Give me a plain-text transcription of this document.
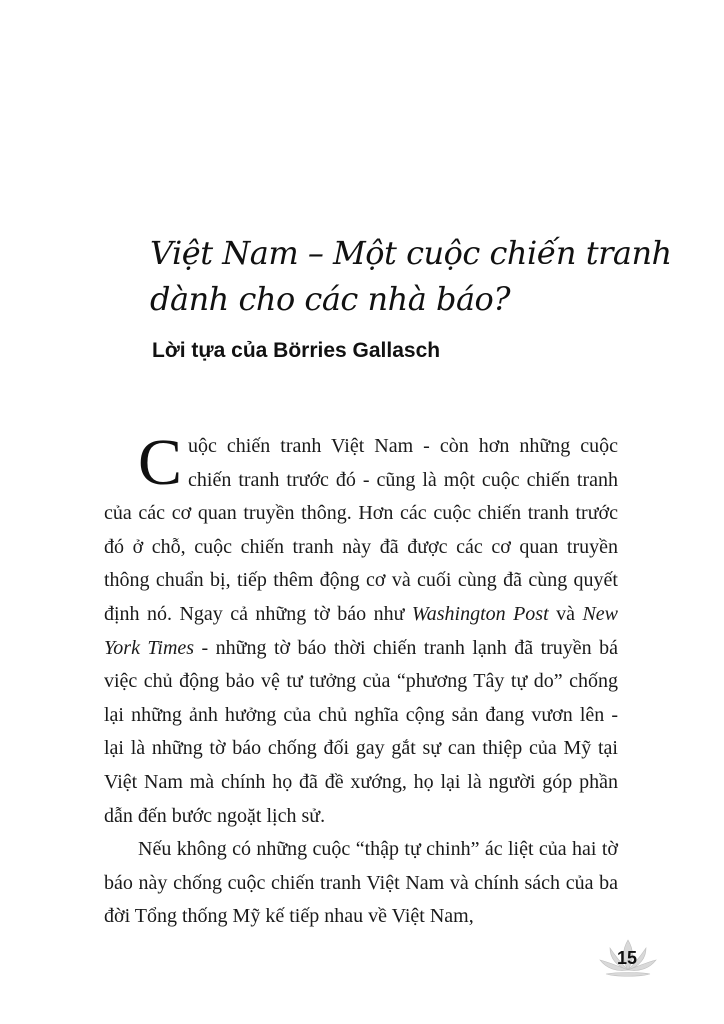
Việt Nam – Một cuộc chiến tranh
dành cho các nhà báo?
Lời tựa của Börries Gallasch

Cuộc chiến tranh Việt Nam - còn hơn những cuộc chiến tranh trước đó - cũng là một cuộc chiến tranh của các cơ quan truyền thông. Hơn các cuộc chiến tranh trước đó ở chỗ, cuộc chiến tranh này đã được các cơ quan truyền thông chuẩn bị, tiếp thêm động cơ và cuối cùng đã cùng quyết định nó. Ngay cả những tờ báo như Washington Post và New York Times - những tờ báo thời chiến tranh lạnh đã truyền bá việc chủ động bảo vệ tư tưởng của “phương Tây tự do” chống lại những ảnh hưởng của chủ nghĩa cộng sản đang vươn lên - lại là những tờ báo chống đối gay gắt sự can thiệp của Mỹ tại Việt Nam mà chính họ đã đề xướng, họ lại là người góp phần dẫn đến bước ngoặt lịch sử.

Nếu không có những cuộc “thập tự chinh” ác liệt của hai tờ báo này chống cuộc chiến tranh Việt Nam và chính sách của ba đời Tổng thống Mỹ kế tiếp nhau về Việt Nam,

15
